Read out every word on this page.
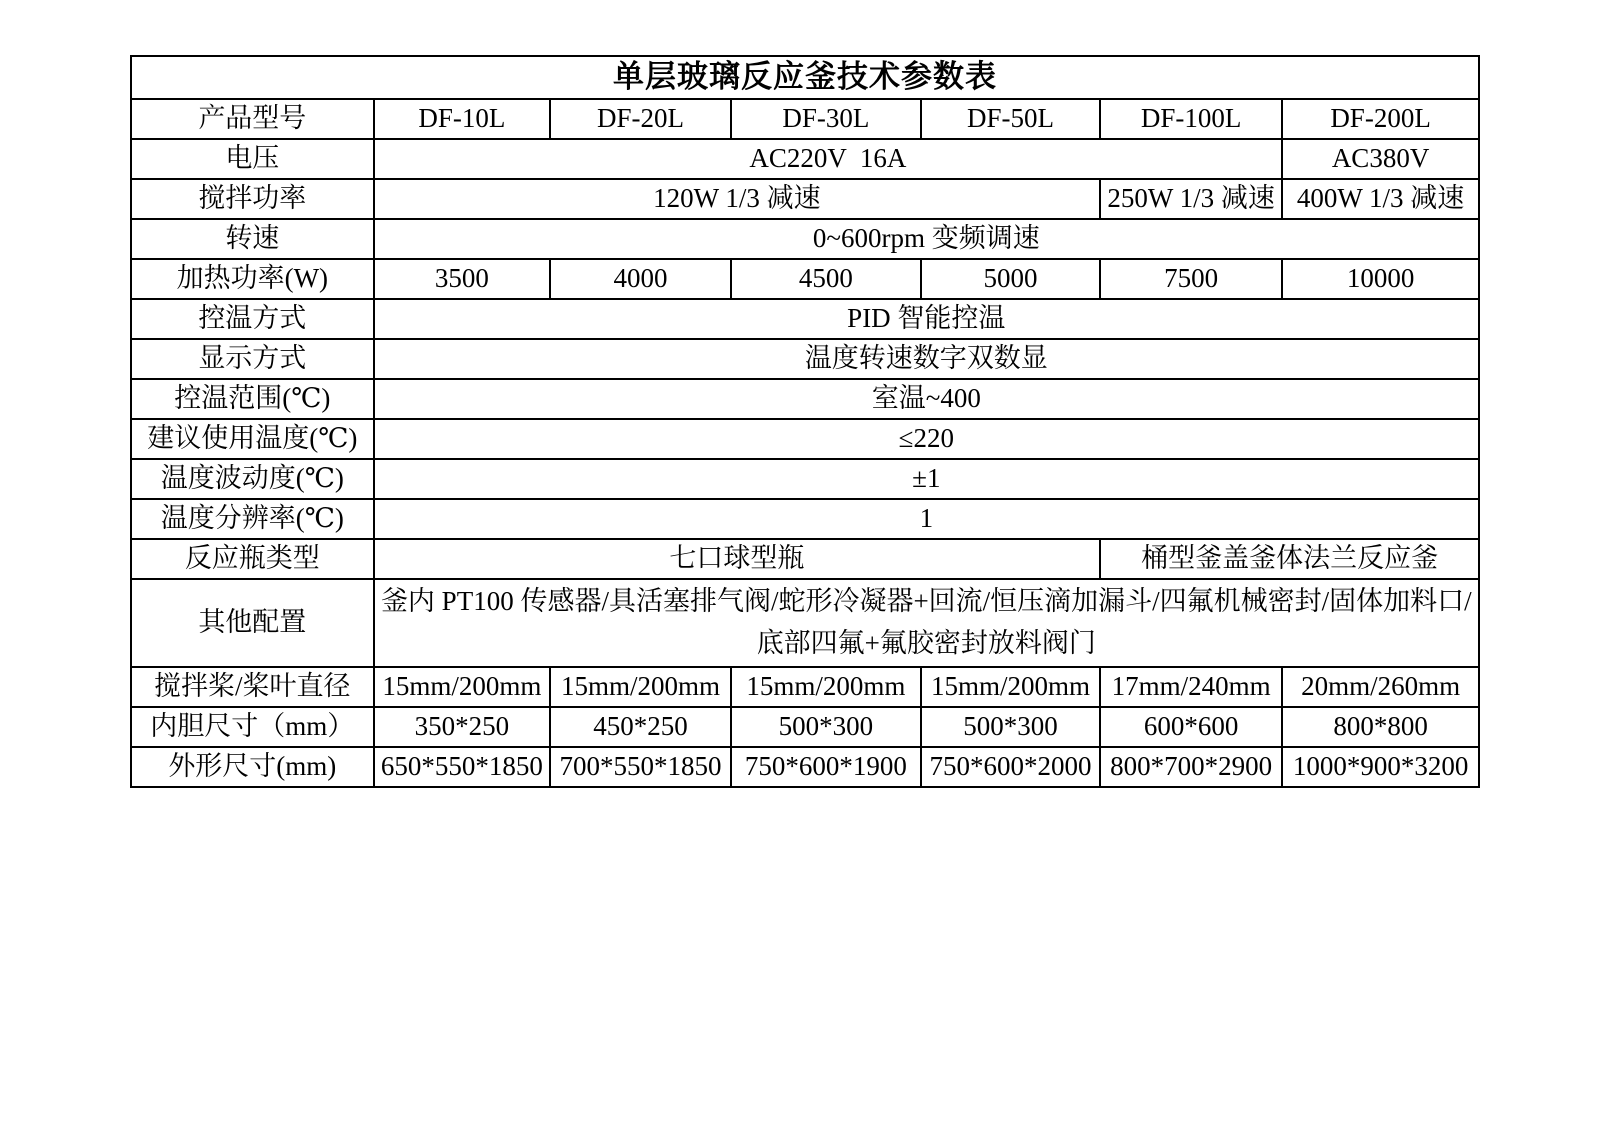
单层玻璃反应釜技术参数表						
产品型号	DF-10L	DF-20L	DF-30L	DF-50L	DF-100L	DF-200L
电压	AC220V  16A					AC380V
搅拌功率	120W 1/3 减速				250W 1/3 减速	400W 1/3 减速
转速	0~600rpm 变频调速					
加热功率(W)	3500	4000	4500	5000	7500	10000
控温方式	PID 智能控温					
显示方式	温度转速数字双数显					
控温范围(℃)	室温~400					
建议使用温度(℃)	≤220					
温度波动度(℃)	±1					
温度分辨率(℃)	1					
反应瓶类型	七口球型瓶				桶型釜盖釜体法兰反应釜	
其他配置	釜内 PT100 传感器/具活塞排气阀/蛇形冷凝器+回流/恒压滴加漏斗/四氟机械密封/固体加料口/底部四氟+氟胶密封放料阀门					
搅拌桨/桨叶直径	15mm/200mm	15mm/200mm	15mm/200mm	15mm/200mm	17mm/240mm	20mm/260mm
内胆尺寸（mm）	350*250	450*250	500*300	500*300	600*600	800*800
外形尺寸(mm)	650*550*1850	700*550*1850	750*600*1900	750*600*2000	800*700*2900	1000*900*3200
